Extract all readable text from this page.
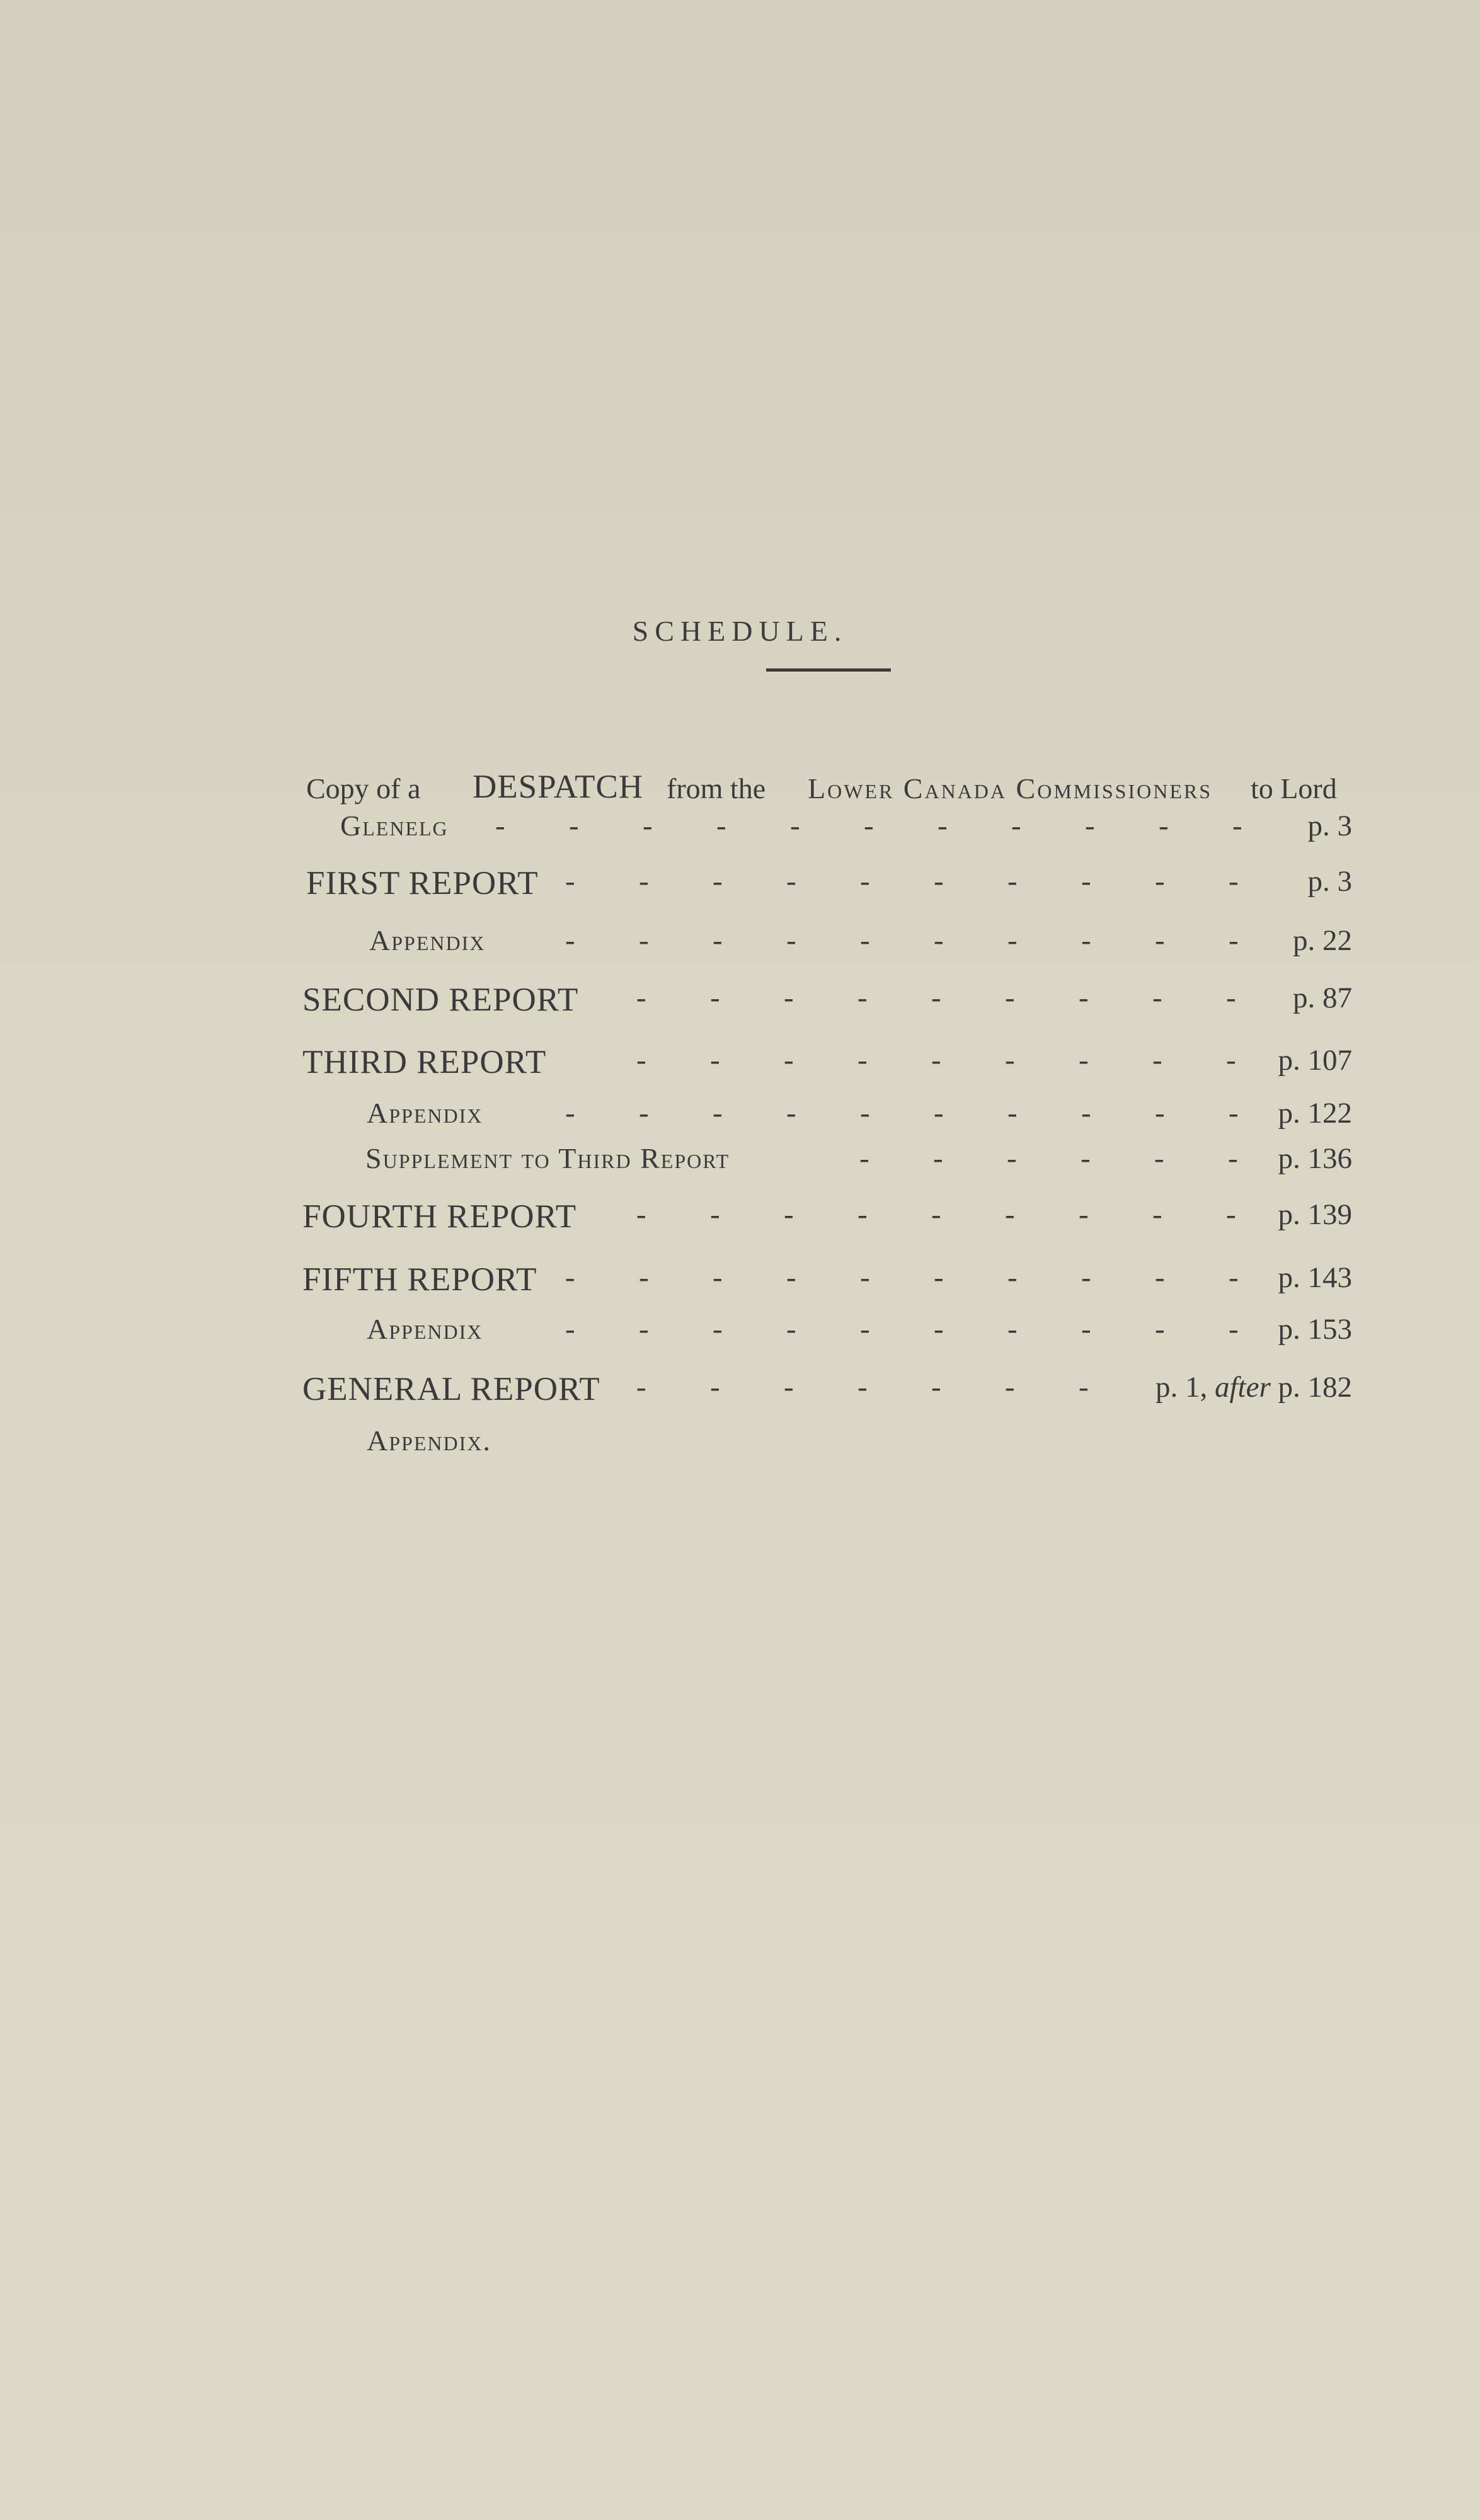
SCHEDULE.
Copy of a DESPATCH from the Lower Canada Commissioners to Lord
Glenelg - - - - - - - - - - -	p. 3
FIRST REPORT - - - - - - - - - -	p. 3
Appendix	- - - - - - - - - -	p. 22
SECOND REPORT - - - - - - - - -	p. 87
THIRD REPORT	- - - - - - - - -	p. 107
Appendix	- - - - - - - - - -	p. 122
Supplement to Third Report	- - - - - -	p. 136
FOURTH REPORT - - - - - - - - -	p. 139
FIFTH REPORT - - - - - - - - - -	p. 143
Appendix	- - - - - - - - - -	p. 153
GENERAL REPORT - - - - - - -	p. 1, after p. 182
Appendix.
